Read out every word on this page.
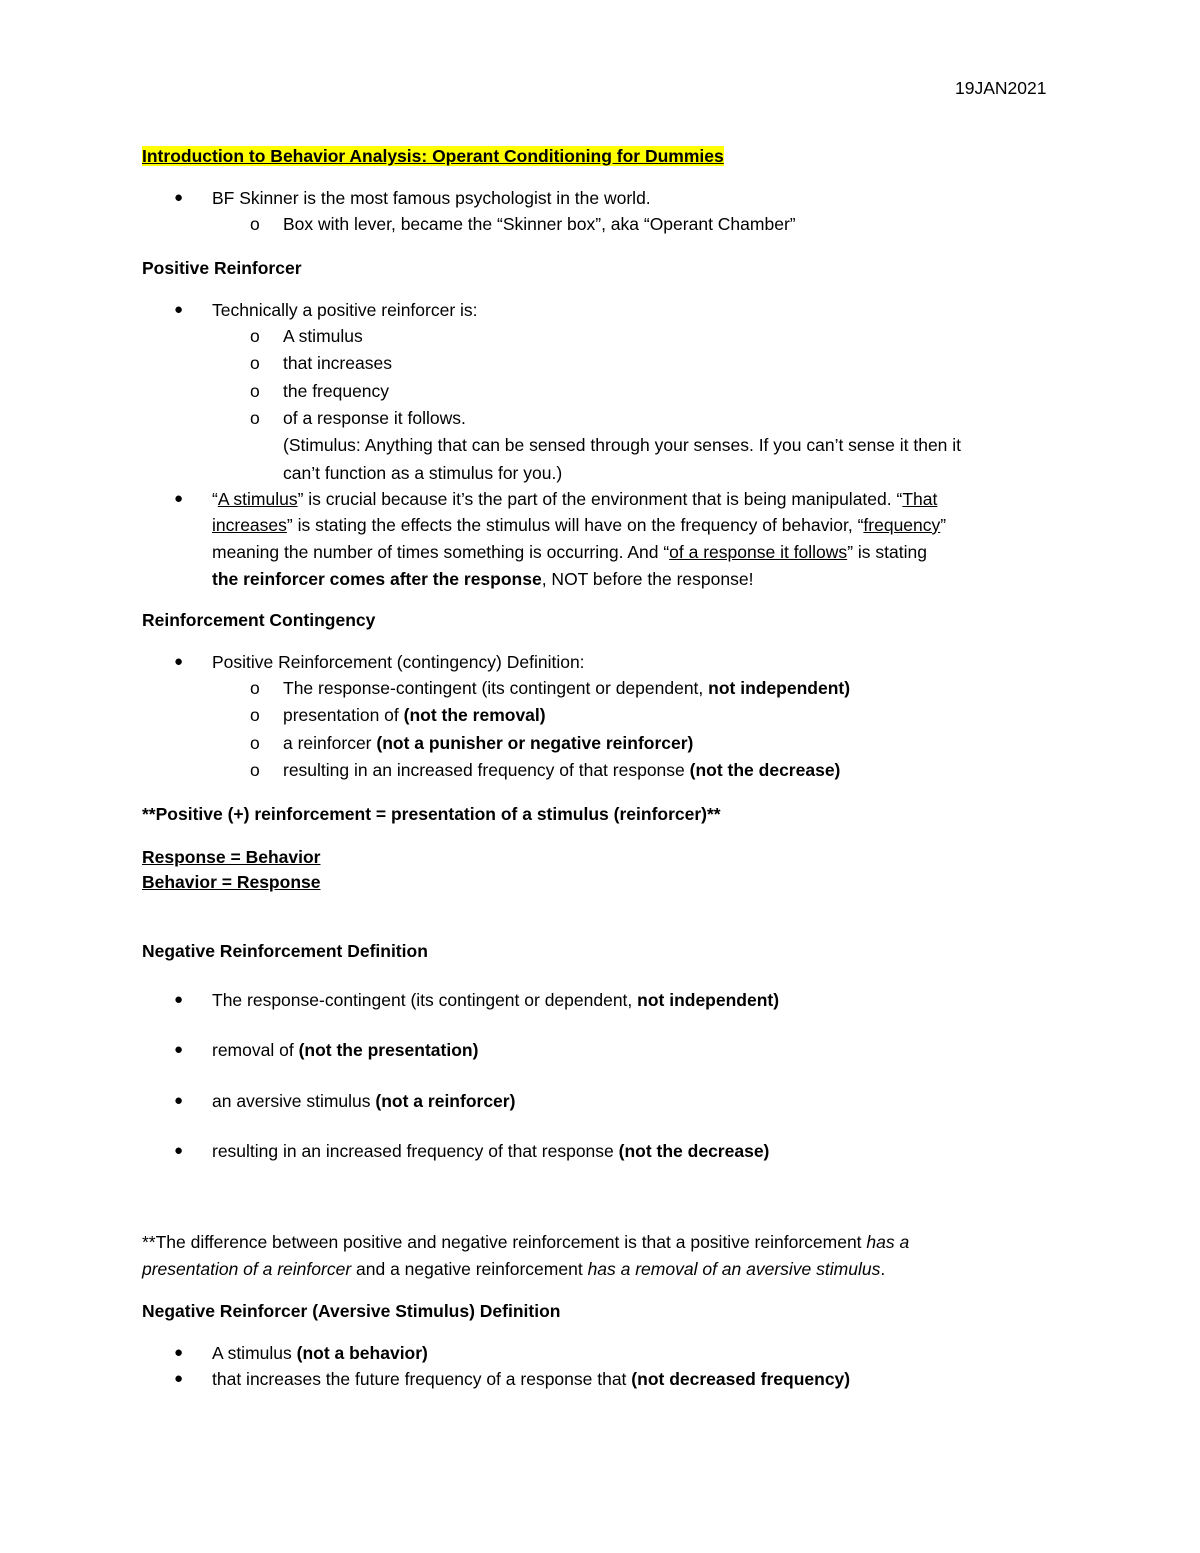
19JAN2021
Introduction to Behavior Analysis: Operant Conditioning for Dummies
● BF Skinner is the most famous psychologist in the world.
o Box with lever, became the “Skinner box”, aka “Operant Chamber”
Positive Reinforcer
● Technically a positive reinforcer is:
o A stimulus
o that increases
o the frequency
o of a response it follows.
(Stimulus: Anything that can be sensed through your senses. If you can’t sense it then it
can’t function as a stimulus for you.)
● “A stimulus” is crucial because it’s the part of the environment that is being manipulated. “That
increases” is stating the effects the stimulus will have on the frequency of behavior, “frequency”
meaning the number of times something is occurring. And “of a response it follows” is stating
the reinforcer comes after the response, NOT before the response!
Reinforcement Contingency
● Positive Reinforcement (contingency) Definition:
o The response-contingent (its contingent or dependent, not independent)
o presentation of (not the removal)
o a reinforcer (not a punisher or negative reinforcer)
o resulting in an increased frequency of that response (not the decrease)
**Positive (+) reinforcement = presentation of a stimulus (reinforcer)**
Response = Behavior
Behavior = Response
Negative Reinforcement Definition
● The response-contingent (its contingent or dependent, not independent)
● removal of (not the presentation)
● an aversive stimulus (not a reinforcer)
● resulting in an increased frequency of that response (not the decrease)
**The difference between positive and negative reinforcement is that a positive reinforcement has a
presentation of a reinforcer and a negative reinforcement has a removal of an aversive stimulus.
Negative Reinforcer (Aversive Stimulus) Definition
● A stimulus (not a behavior)
● that increases the future frequency of a response that (not decreased frequency)
